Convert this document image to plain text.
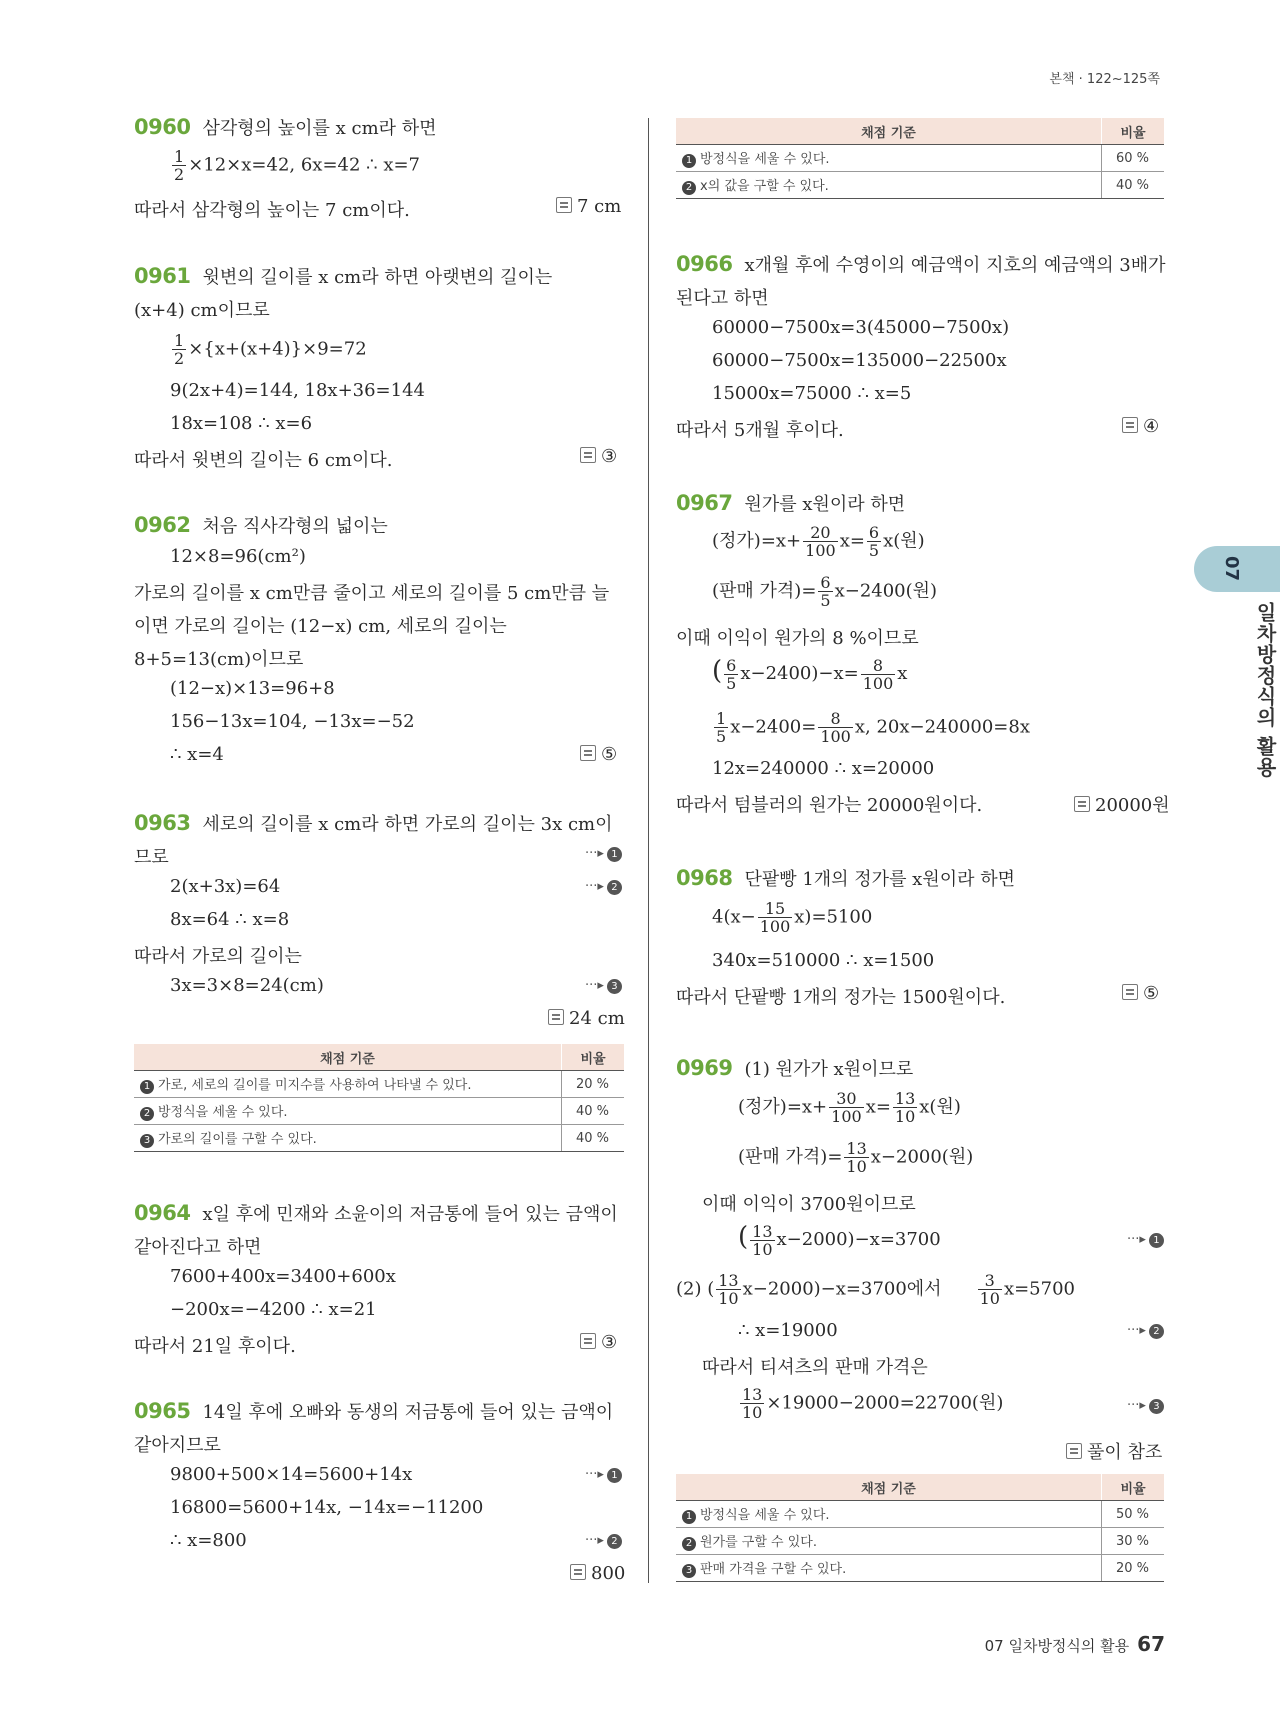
본책 · 122~125쪽
07
일차방정식의 활용
0960 삼각형의 높이를 x cm라 하면
$\frac{1}{2} \times 12\times x=42$, 6x=42 ∴ x=7
따라서 삼각형의 높이는 7 cm이다.	7 cm
0961 윗변의 길이를 x cm라 하면 아랫변의 길이는
(x+4) cm이므로
$\frac{1}{2} \times\{x+(x+4)\}\times 9=72$
9(2x+4)=144, 18x+36=144
18x=108 ∴ x=6
따라서 윗변의 길이는 6 cm이다.	③
0962 처음 직사각형의 넓이는
12×8=96(cm²)
가로의 길이를 x cm만큼 줄이고 세로의 길이를 5 cm만큼 늘
이면 가로의 길이는 (12−x) cm, 세로의 길이는
8+5=13(cm)이므로
(12−x)×13=96+8
156−13x=104, −13x=−52
∴ x=4	⑤
0963 세로의 길이를 x cm라 하면 가로의 길이는 3x cm이
므로	···▸ 1
2(x+3x)=64	···▸ 2
8x=64 ∴ x=8
따라서 가로의 길이는
3x=3×8=24(cm)	···▸ 3
24 cm
채점 기준	비율
1 가로, 세로의 길이를 미지수를 사용하여 나타낼 수 있다.	20 %
2 방정식을 세울 수 있다.	40 %
3 가로의 길이를 구할 수 있다.	40 %
0964 x일 후에 민재와 소윤이의 저금통에 들어 있는 금액이
같아진다고 하면
7600+400x=3400+600x
−200x=−4200 ∴ x=21
따라서 21일 후이다.	③
0965 14일 후에 오빠와 동생의 저금통에 들어 있는 금액이
같아지므로
9800+500×14=5600+14x	···▸ 1
16800=5600+14x, −14x=−11200
∴ x=800	···▸ 2
800
채점 기준	비율
1 방정식을 세울 수 있다.	60 %
2 x의 값을 구할 수 있다.	40 %
0966 x개월 후에 수영이의 예금액이 지호의 예금액의 3배가
된다고 하면
60000−7500x=3(45000−7500x)
60000−7500x=135000−22500x
15000x=75000 ∴ x=5
따라서 5개월 후이다.	④
0967 원가를 x원이라 하면
(정가)$=x+ \frac{20}{100} x= \frac{6}{5} x$(원)
(판매 가격)= $\frac{6}{5} x-2400$(원)
이때 이익이 원가의 8 %이므로
( $\frac{6}{5} x-2400)-x= \frac{8}{100}$ x
$\frac{1}{5} x-2400= \frac{8}{100} x$, 20x−240000=8x
12x=240000 ∴ x=20000
따라서 텀블러의 원가는 20000원이다.	20000원
0968 단팥빵 1개의 정가를 x원이라 하면
$4(x- \frac{15}{100} x)=5100$
340x=510000 ∴ x=1500
따라서 단팥빵 1개의 정가는 1500원이다.	⑤
0969 (1) 원가가 x원이므로
(정가)$=x+ \frac{30}{100} x= \frac{13}{10} x$(원)
(판매 가격)= $\frac{13}{10} x-2000$(원)
이때 이익이 3700원이므로
( $\frac{13}{10} x-2000)-x=3700$	···▸ 1
(2) ( $\frac{13}{10} x-2000)-x=3700$에서 $\frac{3}{10} x=5700$
∴ x=19000	···▸ 2
따라서 티셔츠의 판매 가격은
$\frac{13}{10} \times 19000-2000=22700$(원)	···▸ 3
풀이 참조
채점 기준	비율
1 방정식을 세울 수 있다.	50 %
2 원가를 구할 수 있다.	30 %
3 판매 가격을 구할 수 있다.	20 %
07 일차방정식의 활용 67
